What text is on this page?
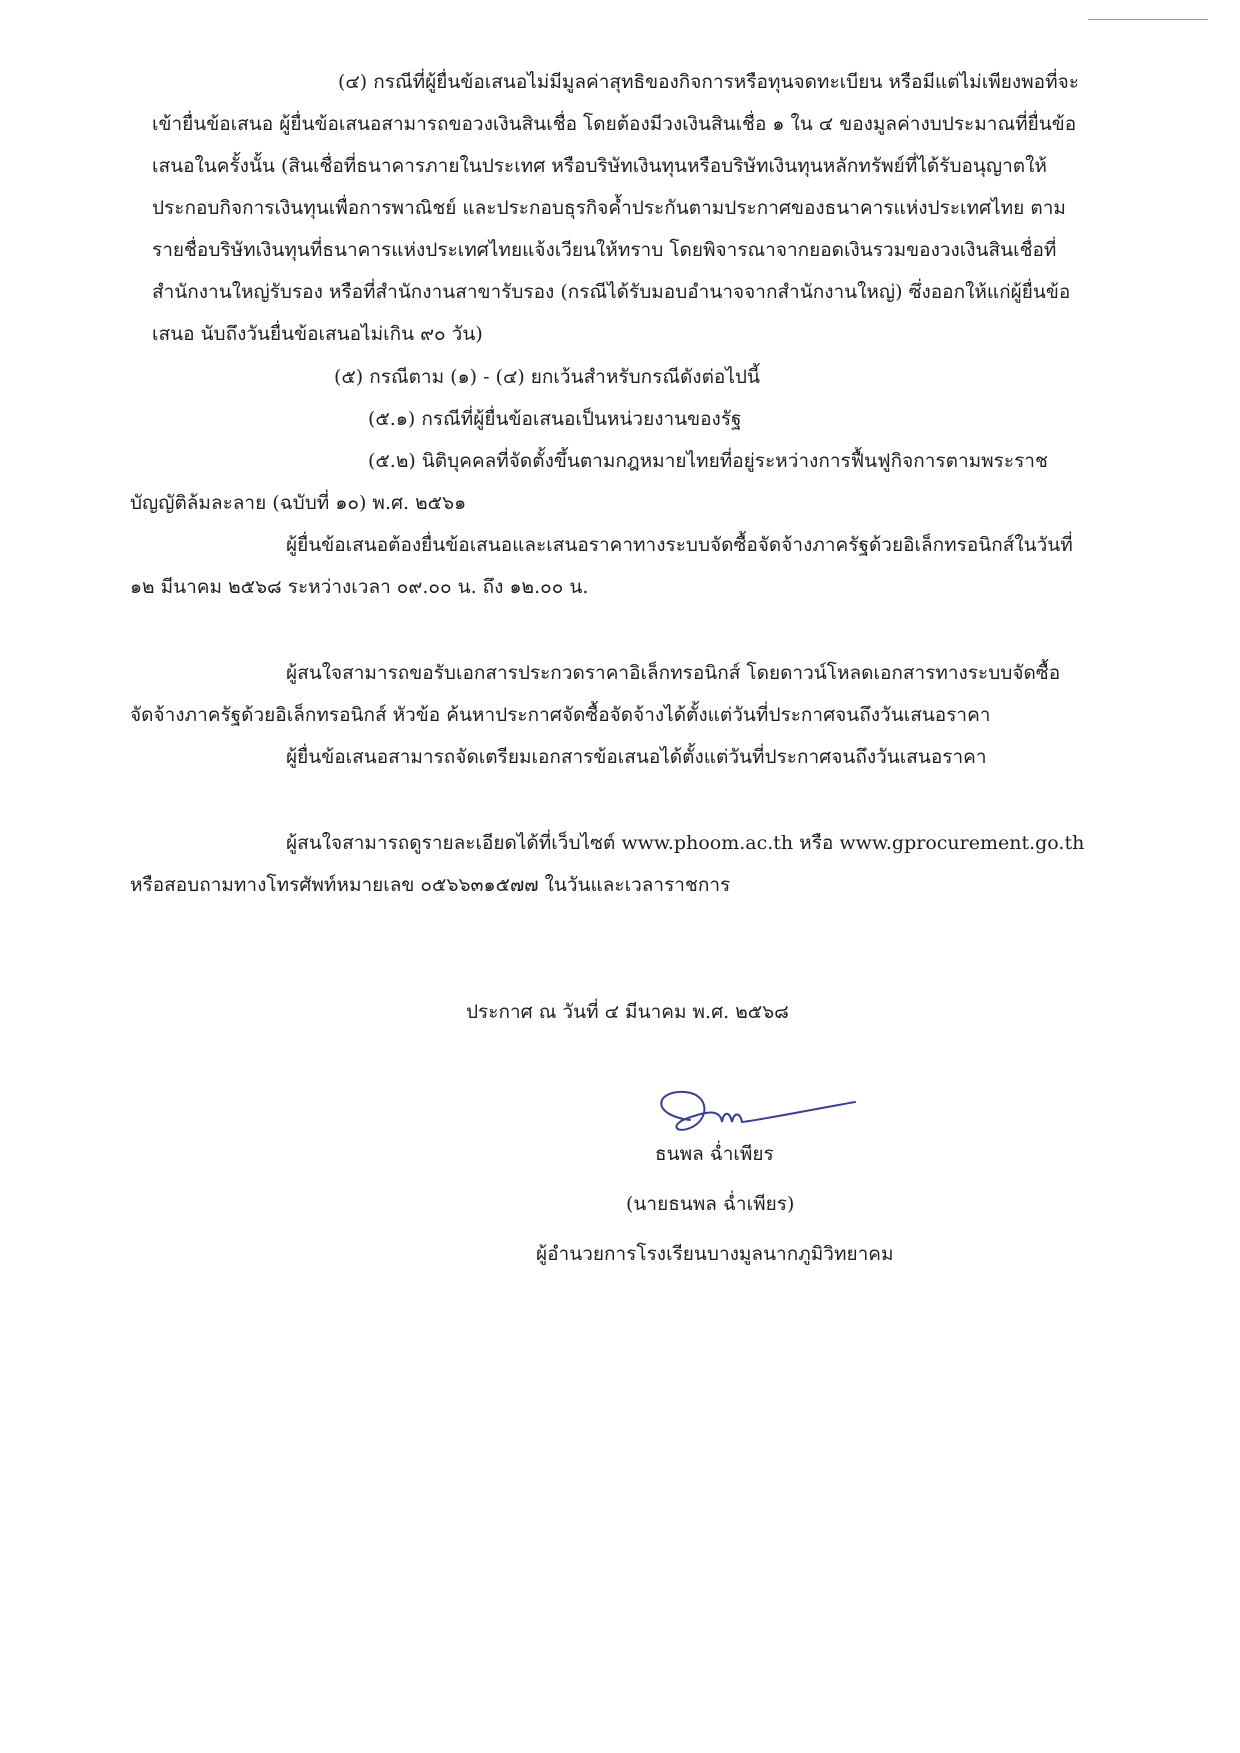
(๔) กรณีที่ผู้ยื่นข้อเสนอไม่มีมูลค่าสุทธิของกิจการหรือทุนจดทะเบียน หรือมีแต่ไม่เพียงพอที่จะ
เข้ายื่นข้อเสนอ ผู้ยื่นข้อเสนอสามารถขอวงเงินสินเชื่อ โดยต้องมีวงเงินสินเชื่อ ๑ ใน ๔ ของมูลค่างบประมาณที่ยื่นข้อ
เสนอในครั้งนั้น (สินเชื่อที่ธนาคารภายในประเทศ หรือบริษัทเงินทุนหรือบริษัทเงินทุนหลักทรัพย์ที่ได้รับอนุญาตให้
ประกอบกิจการเงินทุนเพื่อการพาณิชย์ และประกอบธุรกิจค้ำประกันตามประกาศของธนาคารแห่งประเทศไทย ตาม
รายชื่อบริษัทเงินทุนที่ธนาคารแห่งประเทศไทยแจ้งเวียนให้ทราบ โดยพิจารณาจากยอดเงินรวมของวงเงินสินเชื่อที่
สำนักงานใหญ่รับรอง หรือที่สำนักงานสาขารับรอง (กรณีได้รับมอบอำนาจจากสำนักงานใหญ่) ซึ่งออกให้แก่ผู้ยื่นข้อ
เสนอ นับถึงวันยื่นข้อเสนอไม่เกิน ๙๐ วัน)
(๕) กรณีตาม (๑) - (๔) ยกเว้นสำหรับกรณีดังต่อไปนี้
(๕.๑) กรณีที่ผู้ยื่นข้อเสนอเป็นหน่วยงานของรัฐ
(๕.๒) นิติบุคคลที่จัดตั้งขึ้นตามกฎหมายไทยที่อยู่ระหว่างการฟื้นฟูกิจการตามพระราช
บัญญัติล้มละลาย (ฉบับที่ ๑๐) พ.ศ. ๒๕๖๑
ผู้ยื่นข้อเสนอต้องยื่นข้อเสนอและเสนอราคาทางระบบจัดซื้อจัดจ้างภาครัฐด้วยอิเล็กทรอนิกส์ในวันที่
๑๒ มีนาคม ๒๕๖๘ ระหว่างเวลา ๐๙.๐๐ น. ถึง ๑๒.๐๐ น.
ผู้สนใจสามารถขอรับเอกสารประกวดราคาอิเล็กทรอนิกส์ โดยดาวน์โหลดเอกสารทางระบบจัดซื้อ
จัดจ้างภาครัฐด้วยอิเล็กทรอนิกส์ หัวข้อ ค้นหาประกาศจัดซื้อจัดจ้างได้ตั้งแต่วันที่ประกาศจนถึงวันเสนอราคา
ผู้ยื่นข้อเสนอสามารถจัดเตรียมเอกสารข้อเสนอได้ตั้งแต่วันที่ประกาศจนถึงวันเสนอราคา
ผู้สนใจสามารถดูรายละเอียดได้ที่เว็บไซต์ www.phoom.ac.th หรือ www.gprocurement.go.th
หรือสอบถามทางโทรศัพท์หมายเลข ๐๕๖๖๓๑๕๗๗ ในวันและเวลาราชการ
ประกาศ ณ วันที่ ๔ มีนาคม พ.ศ. ๒๕๖๘
ธนพล ฉ่ำเพียร
(นายธนพล ฉ่ำเพียร)
ผู้อำนวยการโรงเรียนบางมูลนากภูมิวิทยาคม
